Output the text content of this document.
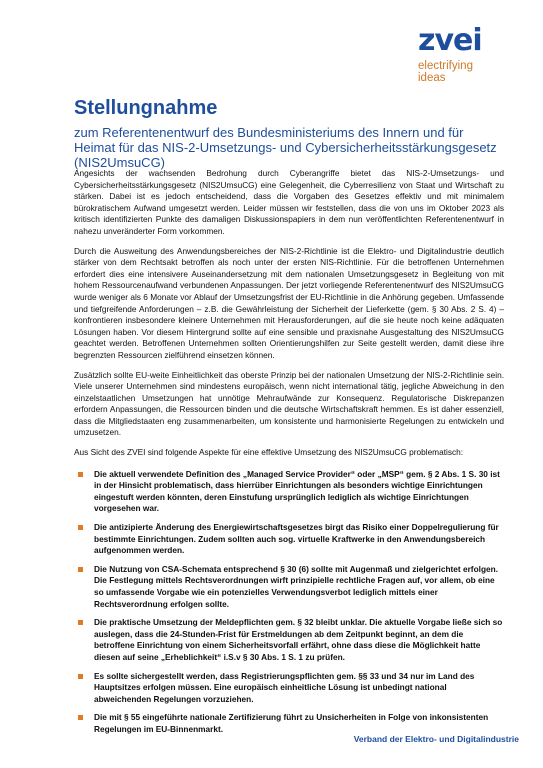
zvei
electrifying
ideas
Stellungnahme

zum Referentenentwurf des Bundesministeriums des Innern und für Heimat für das NIS-2-Umsetzungs- und Cybersicherheitsstärkungsgesetz (NIS2UmsuCG)

Angesichts der wachsenden Bedrohung durch Cyberangriffe bietet das NIS-2-Umsetzungs- und Cybersicherheitsstärkungsgesetz (NIS2UmsuCG) eine Gelegenheit, die Cyberresilienz von Staat und Wirtschaft zu stärken. Dabei ist es jedoch entscheidend, dass die Vorgaben des Gesetzes effektiv und mit minimalem bürokratischem Aufwand umgesetzt werden. Leider müssen wir feststellen, dass die von uns im Oktober 2023 als kritisch identifizierten Punkte des damaligen Diskussionspapiers in dem nun veröffentlichten Referentenentwurf in nahezu unveränderter Form vorkommen.

Durch die Ausweitung des Anwendungsbereiches der NIS-2-Richtlinie ist die Elektro- und Digitalindustrie deutlich stärker von dem Rechtsakt betroffen als noch unter der ersten NIS-Richtlinie. Für die betroffenen Unternehmen erfordert dies eine intensivere Auseinandersetzung mit dem nationalen Umsetzungsgesetz in Begleitung von mit hohem Ressourcenaufwand verbundenen Anpassungen. Der jetzt vorliegende Referentenentwurf des NIS2UmsuCG wurde weniger als 6 Monate vor Ablauf der Umsetzungsfrist der EU-Richtlinie in die Anhörung gegeben. Umfassende und tiefgreifende Anforderungen – z.B. die Gewährleistung der Sicherheit der Lieferkette (gem. § 30 Abs. 2 S. 4) – konfrontieren insbesondere kleinere Unternehmen mit Herausforderungen, auf die sie heute noch keine adäquaten Lösungen haben. Vor diesem Hintergrund sollte auf eine sensible und praxisnahe Ausgestaltung des NIS2UmsuCG geachtet werden. Betroffenen Unternehmen sollten Orientierungshilfen zur Seite gestellt werden, damit diese ihre begrenzten Ressourcen zielführend einsetzen können.

Zusätzlich sollte EU-weite Einheitlichkeit das oberste Prinzip bei der nationalen Umsetzung der NIS-2-Richtlinie sein. Viele unserer Unternehmen sind mindestens europäisch, wenn nicht international tätig, jegliche Abweichung in den einzelstaatlichen Umsetzungen hat unnötige Mehraufwände zur Konsequenz. Regulatorische Diskrepanzen erfordern Anpassungen, die Ressourcen binden und die deutsche Wirtschaftskraft hemmen. Es ist daher essenziell, dass die Mitgliedstaaten eng zusammenarbeiten, um konsistente und harmonisierte Regelungen zu entwickeln und umzusetzen.

Aus Sicht des ZVEI sind folgende Aspekte für eine effektive Umsetzung des NIS2UmsuCG problematisch:

Die aktuell verwendete Definition des „Managed Service Provider“ oder „MSP“ gem. § 2 Abs. 1 S. 30 ist in der Hinsicht problematisch, dass hierrüber Einrichtungen als besonders wichtige Einrichtungen eingestuft werden könnten, deren Einstufung ursprünglich lediglich als wichtige Einrichtungen vorgesehen war.
Die antizipierte Änderung des Energiewirtschaftsgesetzes birgt das Risiko einer Doppelregulierung für bestimmte Einrichtungen. Zudem sollten auch sog. virtuelle Kraftwerke in den Anwendungsbereich aufgenommen werden.
Die Nutzung von CSA-Schemata entsprechend § 30 (6) sollte mit Augenmaß und zielgerichtet erfolgen. Die Festlegung mittels Rechtsverordnungen wirft prinzipielle rechtliche Fragen auf, vor allem, ob eine so umfassende Vorgabe wie ein potenzielles Verwendungsverbot lediglich mittels einer Rechtsverordnung erfolgen sollte.
Die praktische Umsetzung der Meldepflichten gem. § 32 bleibt unklar. Die aktuelle Vorgabe ließe sich so auslegen, dass die 24-Stunden-Frist für Erstmeldungen ab dem Zeitpunkt beginnt, an dem die betroffene Einrichtung von einem Sicherheitsvorfall erfährt, ohne dass diese die Möglichkeit hatte diesen auf seine „Erheblichkeit“ i.S.v § 30 Abs. 1 S. 1 zu prüfen.
Es sollte sichergestellt werden, dass Registrierungspflichten gem. §§ 33 und 34 nur im Land des Hauptsitzes erfolgen müssen. Eine europäisch einheitliche Lösung ist unbedingt national abweichenden Regelungen vorzuziehen.
Die mit § 55 eingeführte nationale Zertifizierung führt zu Unsicherheiten in Folge von inkonsistenten Regelungen im EU-Binnenmarkt.
Verband der Elektro- und Digitalindustrie
